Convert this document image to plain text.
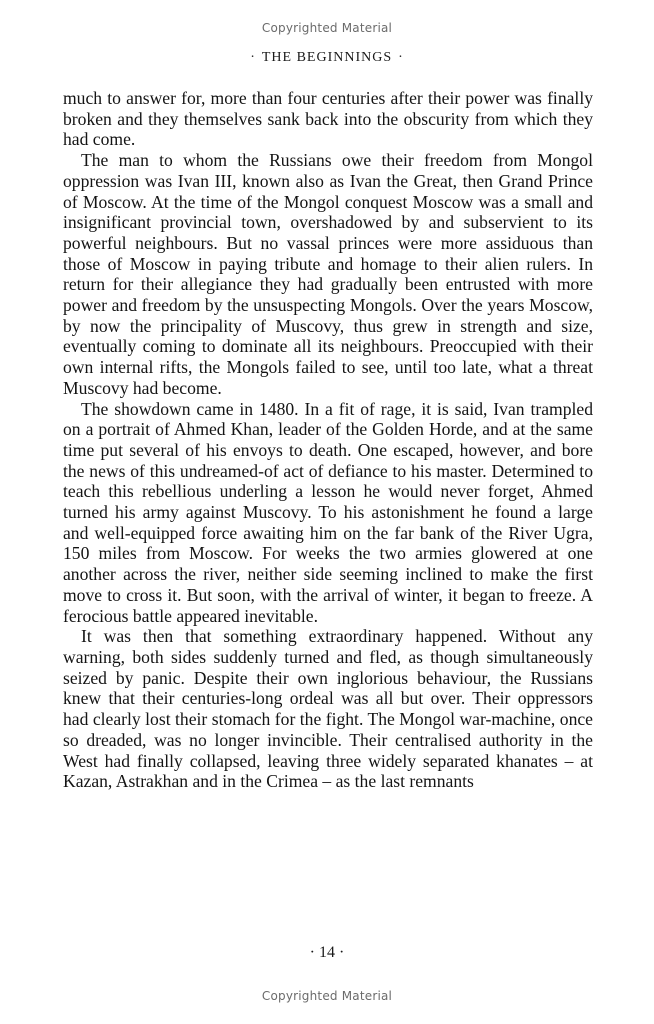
Copyrighted Material
· THE BEGINNINGS ·

much to answer for, more than four centuries after their power was finally broken and they themselves sank back into the obscurity from which they had come.

The man to whom the Russians owe their freedom from Mongol oppression was Ivan III, known also as Ivan the Great, then Grand Prince of Moscow. At the time of the Mongol conquest Moscow was a small and insignificant provincial town, overshadowed by and subservient to its powerful neighbours. But no vassal princes were more assiduous than those of Moscow in paying tribute and homage to their alien rulers. In return for their allegiance they had gradually been entrusted with more power and freedom by the unsuspecting Mongols. Over the years Moscow, by now the principality of Muscovy, thus grew in strength and size, eventually coming to dominate all its neighbours. Preoccupied with their own internal rifts, the Mongols failed to see, until too late, what a threat Muscovy had become.

The showdown came in 1480. In a fit of rage, it is said, Ivan trampled on a portrait of Ahmed Khan, leader of the Golden Horde, and at the same time put several of his envoys to death. One escaped, however, and bore the news of this undreamed-of act of defiance to his master. Determined to teach this rebellious underling a lesson he would never forget, Ahmed turned his army against Muscovy. To his astonishment he found a large and well-equipped force awaiting him on the far bank of the River Ugra, 150 miles from Moscow. For weeks the two armies glowered at one another across the river, neither side seeming inclined to make the first move to cross it. But soon, with the arrival of winter, it began to freeze. A ferocious battle appeared inevitable.

It was then that something extraordinary happened. Without any warning, both sides suddenly turned and fled, as though simultaneously seized by panic. Despite their own inglorious behaviour, the Russians knew that their centuries-long ordeal was all but over. Their oppressors had clearly lost their stomach for the fight. The Mongol war-machine, once so dreaded, was no longer invincible. Their centralised authority in the West had finally collapsed, leaving three widely separated khanates – at Kazan, Astrakhan and in the Crimea – as the last remnants

· 14 ·
Copyrighted Material
